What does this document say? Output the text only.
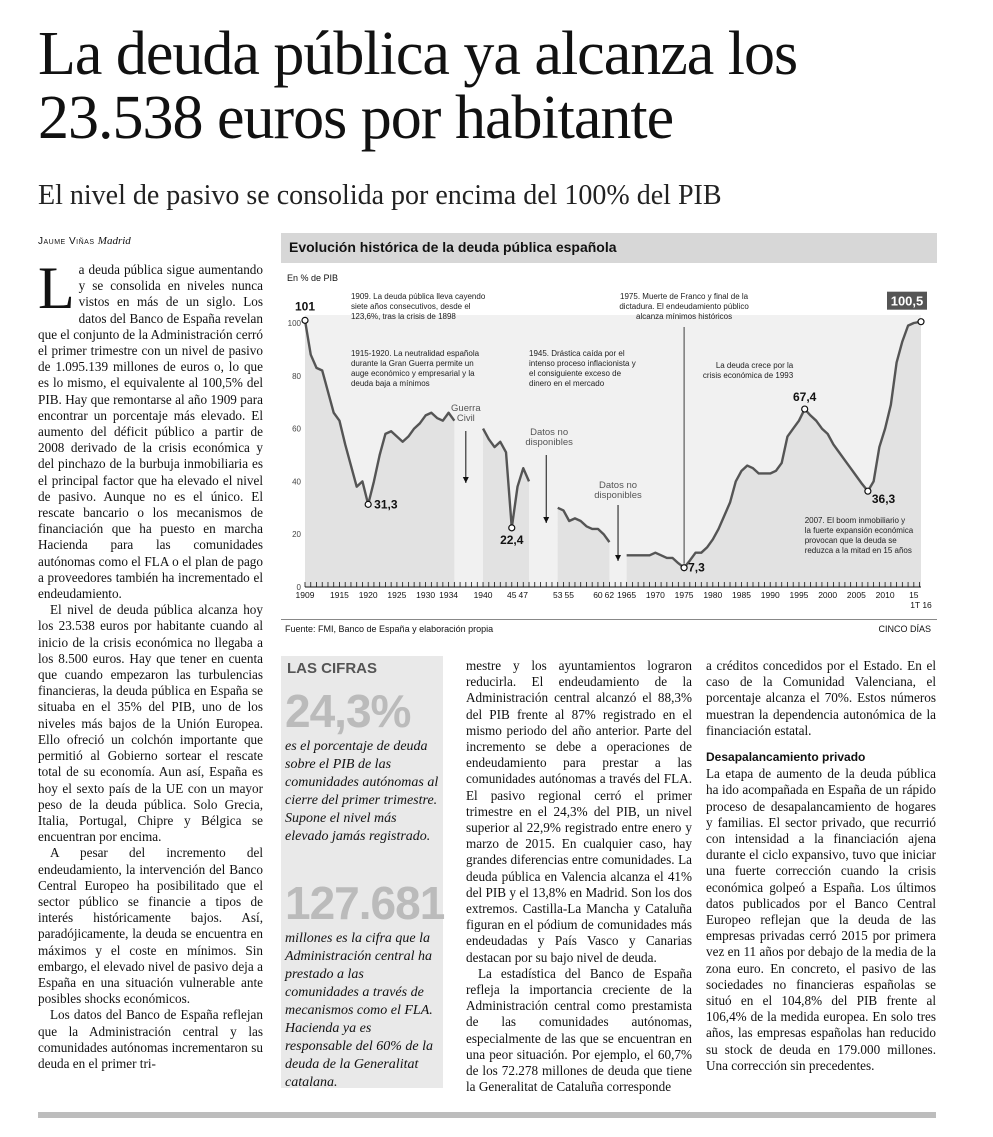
La deuda pública ya alcanza los 23.538 euros por habitante
El nivel de pasivo se consolida por encima del 100% del PIB
Jaume Viñas Madrid

La deuda pública sigue aumentando y se consolida en niveles nunca vistos en más de un siglo. Los datos del Banco de España revelan que el conjunto de la Administración cerró el primer trimestre con un nivel de pasivo de 1.095.139 millones de euros o, lo que es lo mismo, el equivalente al 100,5% del PIB. Hay que remontarse al año 1909 para encontrar un porcentaje más elevado. El aumento del déficit público a partir de 2008 derivado de la crisis económica y del pinchazo de la burbuja inmobiliaria es el principal factor que ha elevado el nivel de pasivo. Aunque no es el único. El rescate bancario o los mecanismos de financiación que ha puesto en marcha Hacienda para las comunidades autónomas como el FLA o el plan de pago a proveedores también ha incrementado el endeudamiento.

El nivel de deuda pública alcanza hoy los 23.538 euros por habitante cuando al inicio de la crisis económica no llegaba a los 8.500 euros. Hay que tener en cuenta que cuando empezaron las turbulencias financieras, la deuda pública en España se situaba en el 35% del PIB, uno de los niveles más bajos de la Unión Europea. Ello ofreció un colchón importante que permitió al Gobierno sortear el rescate total de su economía. Aun así, España es hoy el sexto país de la UE con un mayor peso de la deuda pública. Solo Grecia, Italia, Portugal, Chipre y Bélgica se encuentran por encima.

A pesar del incremento del endeudamiento, la intervención del Banco Central Europeo ha posibilitado que el sector público se financie a tipos de interés históricamente bajos. Así, paradójicamente, la deuda se encuentra en máximos y el coste en mínimos. Sin embargo, el elevado nivel de pasivo deja a España en una situación vulnerable ante posibles shocks económicos.

Los datos del Banco de España reflejan que la Administración central y las comunidades autónomas incrementaron su deuda en el primer tri-

Evolución histórica de la deuda pública española
En % de PIB
0
20
40
60
80
100
1909 1915 1920 1925 1930 1934 1940 45 47	53 55 60 62 1965 1970 1975 1980 1985 1990 1995 2000 2005 2010 15
1T 16
101
31,3
22,4
7,3
67,4
36,3
100,5
1909. La deuda pública lleva cayendo
siete años consecutivos, desde el
123,6%, tras la crisis de 1898
1915-1920. La neutralidad española
durante la Gran Guerra permite un
auge económico y empresarial y la
deuda baja a mínimos
1945. Drástica caída por el
intenso proceso inflacionista y
el consiguiente exceso de
dinero en el mercado
1975. Muerte de Franco y final de la
dictadura. El endeudamiento público
alcanza mínimos históricos
La deuda crece por la
crisis económica de 1993
2007. El boom inmobiliario y
la fuerte expansión económica
provocan que la deuda se
reduzca a la mitad en 15 años
Guerra
Civil
Datos no
disponibles
Datos no
disponibles
Fuente: FMI, Banco de España y elaboración propia	CINCO DÍAS
LAS CIFRAS
24,3%
es el porcentaje de deuda sobre el PIB de las comunidades autónomas al cierre del primer trimestre. Supone el nivel más elevado jamás registrado.
127.681
millones es la cifra que la Administración central ha prestado a las comunidades a través de mecanismos como el FLA. Hacienda ya es responsable del 60% de la deuda de la Generalitat catalana.

mestre y los ayuntamientos lograron reducirla. El endeudamiento de la Administración central alcanzó el 88,3% del PIB frente al 87% registrado en el mismo periodo del año anterior. Parte del incremento se debe a operaciones de endeudamiento para prestar a las comunidades autónomas a través del FLA. El pasivo regional cerró el primer trimestre en el 24,3% del PIB, un nivel superior al 22,9% registrado entre enero y marzo de 2015. En cualquier caso, hay grandes diferencias entre comunidades. La deuda pública en Valencia alcanza el 41% del PIB y el 13,8% en Madrid. Son los dos extremos. Castilla-La Mancha y Cataluña figuran en el pódium de comunidades más endeudadas y País Vasco y Canarias destacan por su bajo nivel de deuda.

La estadística del Banco de España refleja la importancia creciente de la Administración central como prestamista de las comunidades autónomas, especialmente de las que se encuentran en una peor situación. Por ejemplo, el 60,7% de los 72.278 millones de deuda que tiene la Generalitat de Cataluña corresponde

a créditos concedidos por el Estado. En el caso de la Comunidad Valenciana, el porcentaje alcanza el 70%. Estos números muestran la dependencia autonómica de la financiación estatal.

Desapalancamiento privado

La etapa de aumento de la deuda pública ha ido acompañada en España de un rápido proceso de desapalancamiento de hogares y familias. El sector privado, que recurrió con intensidad a la financiación ajena durante el ciclo expansivo, tuvo que iniciar una fuerte corrección cuando la crisis económica golpeó a España. Los últimos datos publicados por el Banco Central Europeo reflejan que la deuda de las empresas privadas cerró 2015 por primera vez en 11 años por debajo de la media de la zona euro. En concreto, el pasivo de las sociedades no financieras españolas se situó en el 104,8% del PIB frente al 106,4% de la medida europea. En solo tres años, las empresas españolas han reducido su stock de deuda en 179.000 millones. Una corrección sin precedentes.
